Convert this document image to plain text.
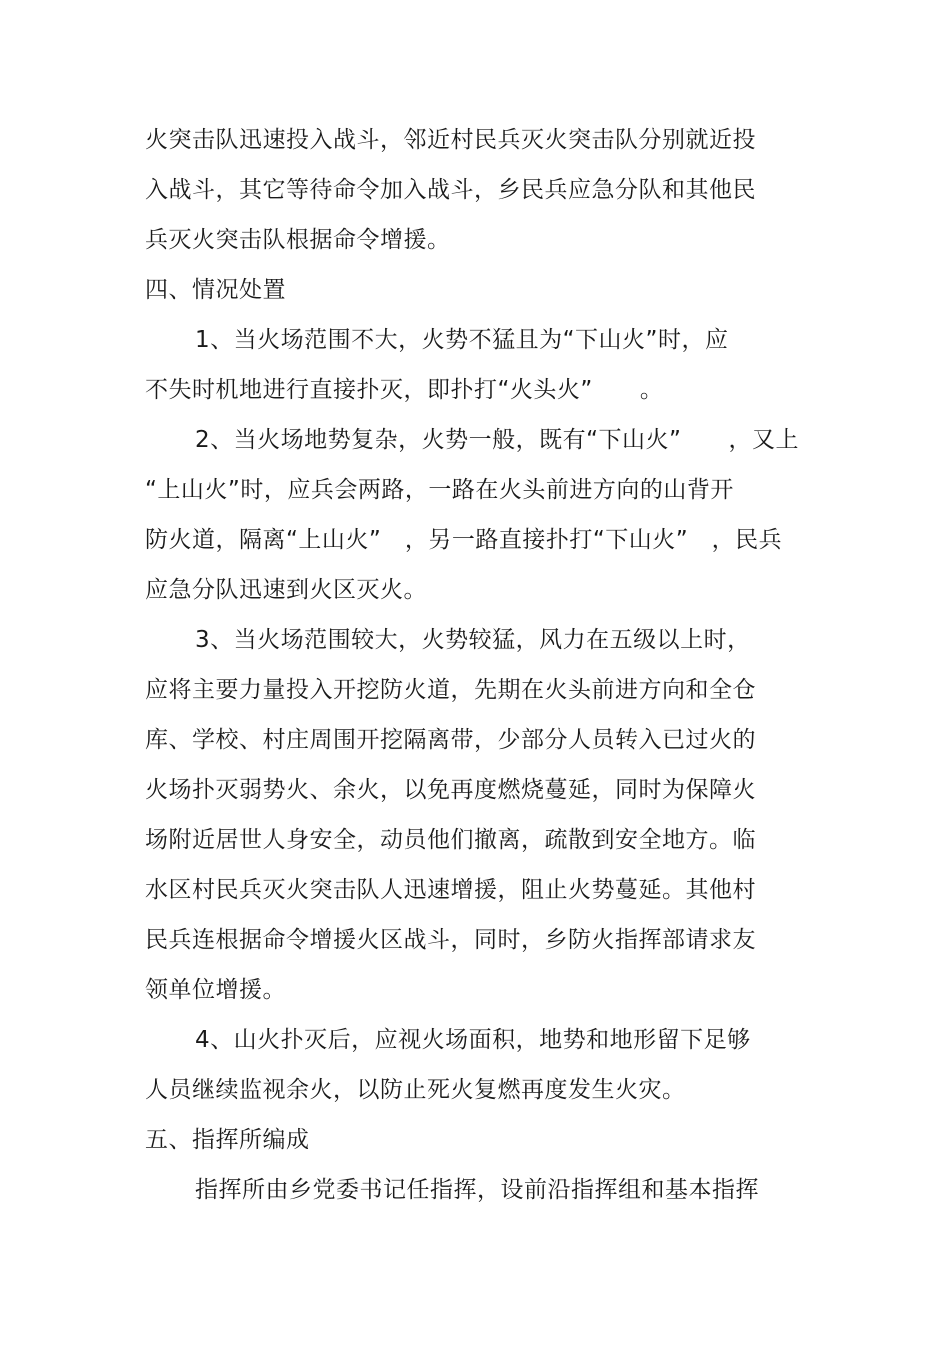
火突击队迅速投入战斗，邻近村民兵灭火突击队分别就近投
入战斗，其它等待命令加入战斗，乡民兵应急分队和其他民
兵灭火突击队根据命令增援。
四、情况处置
1、当火场范围不大，火势不猛且为“下山火”时，应
不失时机地进行直接扑灭，即扑打“火头火”　　。
2、当火场地势复杂，火势一般，既有“下山火”　　，又上
“上山火”时，应兵会两路，一路在火头前进方向的山背开
防火道，隔离“上山火”　，另一路直接扑打“下山火”　，民兵
应急分队迅速到火区灭火。
3、当火场范围较大，火势较猛，风力在五级以上时，
应将主要力量投入开挖防火道，先期在火头前进方向和全仓
库、学校、村庄周围开挖隔离带，少部分人员转入已过火的
火场扑灭弱势火、余火，以免再度燃烧蔓延，同时为保障火
场附近居世人身安全，动员他们撤离，疏散到安全地方。临
水区村民兵灭火突击队人迅速增援，阻止火势蔓延。其他村
民兵连根据命令增援火区战斗，同时，乡防火指挥部请求友
领单位增援。
4、山火扑灭后，应视火场面积，地势和地形留下足够
人员继续监视余火，以防止死火复燃再度发生火灾。
五、指挥所编成
指挥所由乡党委书记任指挥，设前沿指挥组和基本指挥
